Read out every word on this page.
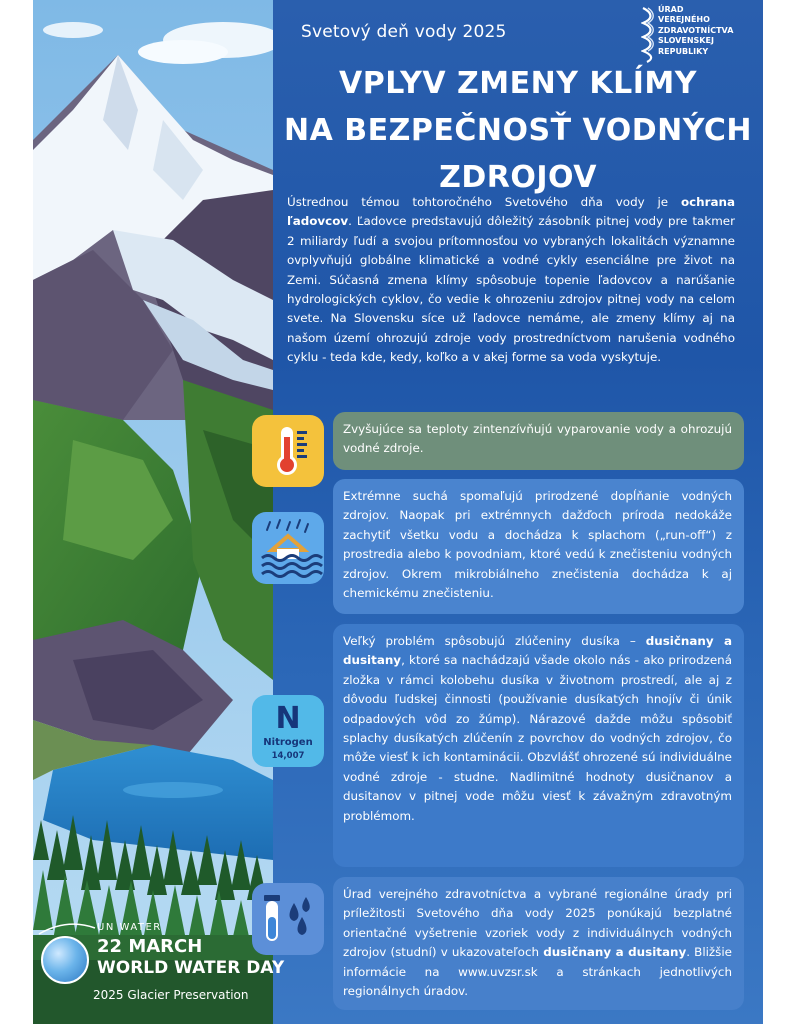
Svetový deň vody 2025
ÚRAD
VEREJNÉHO
ZDRAVOTNÍCTVA
SLOVENSKEJ
REPUBLIKY
VPLYV ZMENY KLÍMY
NA BEZPEČNOSŤ VODNÝCH
ZDROJOV
Ústrednou témou tohtoročného Svetového dňa vody je ochrana ľadovcov. Ľadovce predstavujú dôležitý zásobník pitnej vody pre takmer 2 miliardy ľudí a svojou prítomnosťou vo vybraných lokalitách významne ovplyvňujú globálne klimatické a vodné cykly esenciálne pre život na Zemi. Súčasná zmena klímy spôsobuje topenie ľadovcov a narúšanie hydrologických cyklov, čo vedie k ohrozeniu zdrojov pitnej vody na celom svete. Na Slovensku síce už ľadovce nemáme, ale zmeny klímy aj na našom území ohrozujú zdroje vody prostredníctvom narušenia vodného cyklu - teda kde, kedy, koľko a v akej forme sa voda vyskytuje.
Zvyšujúce sa teploty zintenzívňujú vyparovanie vody a ohrozujú vodné zdroje.
Extrémne suchá spomaľujú prirodzené dopĺňanie vodných zdrojov. Naopak pri extrémnych dažďoch príroda nedokáže zachytiť všetku vodu a dochádza k splachom („run-off“) z prostredia alebo k povodniam, ktoré vedú k znečisteniu vodných zdrojov. Okrem mikrobiálneho znečistenia dochádza k aj chemickému znečisteniu.
Veľký problém spôsobujú zlúčeniny dusíka – dusičnany a dusitany, ktoré sa nachádzajú všade okolo nás - ako prirodzená zložka v rámci kolobehu dusíka v životnom prostredí, ale aj z dôvodu ľudskej činnosti (používanie dusíkatých hnojív či únik odpadových vôd zo žúmp). Nárazové dažde môžu spôsobiť splachy dusíkatých zlúčenín z povrchov do vodných zdrojov, čo môže viesť k ich kontaminácii. Obzvlášť ohrozené sú individuálne vodné zdroje - studne. Nadlimitné hodnoty dusičnanov a dusitanov v pitnej vode môžu viesť k závažným zdravotným problémom.
Úrad verejného zdravotníctva a vybrané regionálne úrady pri príležitosti Svetového dňa vody 2025 ponúkajú bezplatné orientačné vyšetrenie vzoriek vody z individuálnych vodných zdrojov (studní) v ukazovateľoch dusičnany a dusitany. Bližšie informácie na www.uvzsr.sk a stránkach jednotlivých regionálnych úradov.
N
Nitrogen
14,007
UN WATER
22 MARCH
WORLD WATER DAY
2025 Glacier Preservation
